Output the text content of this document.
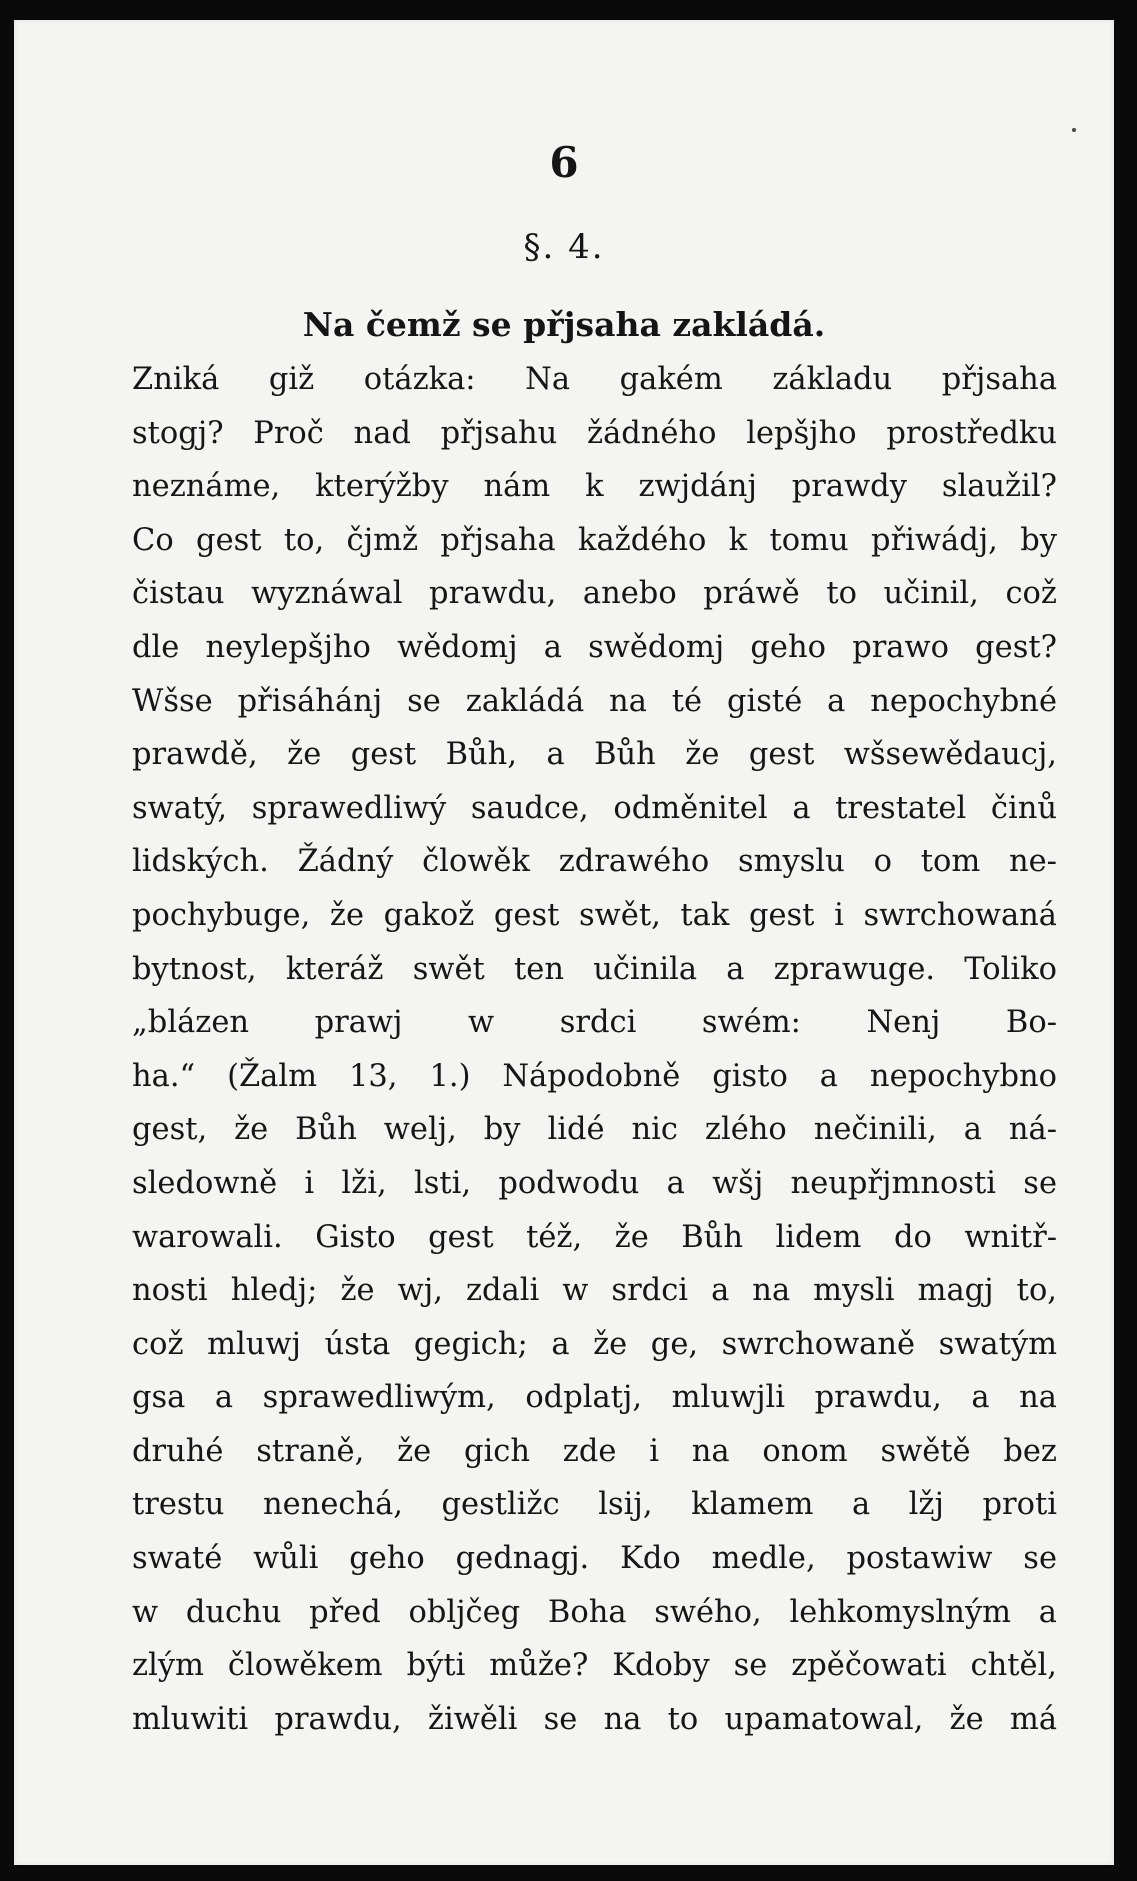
6
§. 4.
Na čemž se přjsaha zakládá.
Zniká giž otázka: Na gakém základu přjsaha
stogj? Proč nad přjsahu žádného lepšjho prostředku
neznáme, kterýžby nám k zwjdánj prawdy slaužil?
Co gest to, čjmž přjsaha každého k tomu přiwádj, by
čistau wyznáwal prawdu, anebo práwě to učinil, což
dle neylepšjho wědomj a swědomj geho prawo gest?
Wšse přisáhánj se zakládá na té gisté a nepochybné
prawdě, že gest Bůh, a Bůh že gest wšsewědaucj,
swatý, sprawedliwý saudce, odměnitel a trestatel činů
lidských. Žádný člowěk zdrawého smyslu o tom ne-
pochybuge, že gakož gest swět, tak gest i swrchowaná
bytnost, kteráž swět ten učinila a zprawuge. Toliko
„blázen prawj w srdci swém: Nenj Bo-
ha.“ (Žalm 13, 1.) Nápodobně gisto a nepochybno
gest, že Bůh welj, by lidé nic zlého nečinili, a ná-
sledowně i lži, lsti, podwodu a wšj neupřjmnosti se
warowali. Gisto gest též, že Bůh lidem do wnitř-
nosti hledj; že wj, zdali w srdci a na mysli magj to,
což mluwj ústa gegich; a že ge, swrchowaně swatým
gsa a sprawedliwým, odplatj, mluwjli prawdu, a na
druhé straně, že gich zde i na onom swětě bez
trestu nenechá, gestližc lsij, klamem a lžj proti
swaté wůli geho gednagj. Kdo medle, postawiw se
w duchu před oblјčeg Boha swého, lehkomyslným a
zlým člowěkem býti může? Kdoby se zpěčowati chtěl,
mluwiti prawdu, žiwěli se na to upamatowal, že má
